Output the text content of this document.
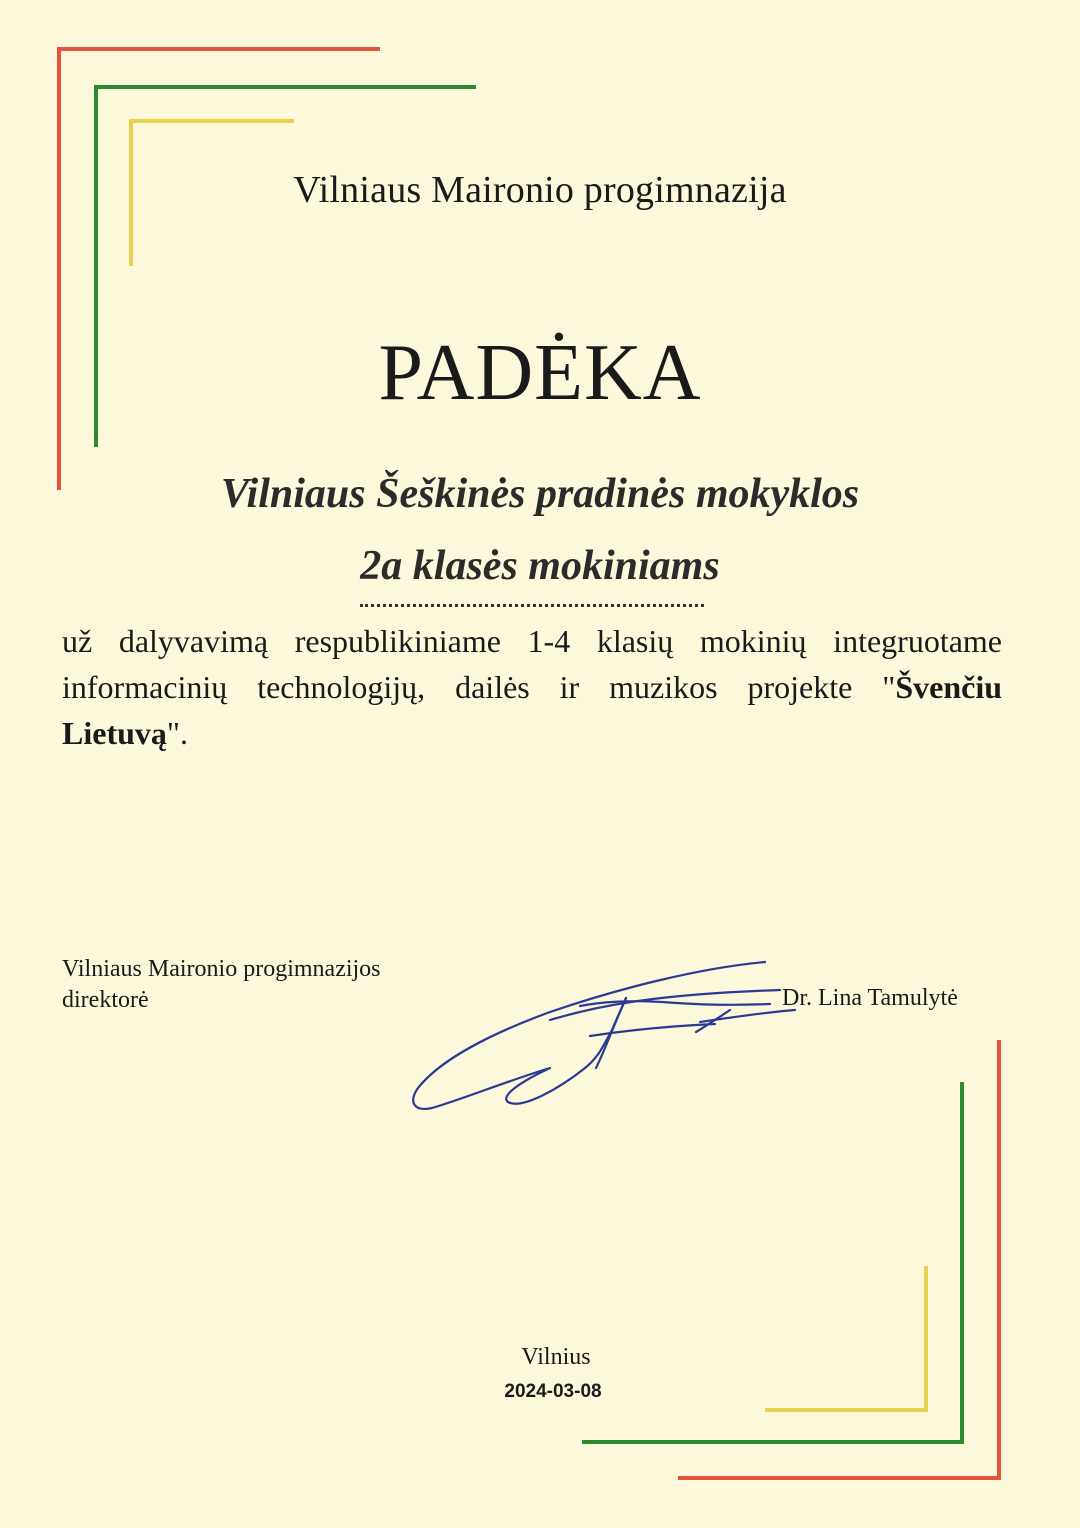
Vilniaus Maironio progimnazija
PADĖKA
Vilniaus Šeškinės pradinės mokyklos
2a klasės mokiniams
už dalyvavimą respublikiniame 1-4 klasių mokinių integruotame informacinių technologijų, dailės ir muzikos projekte "Švenčiu Lietuvą".
Vilniaus Maironio progimnazijos
direktorė	Dr. Lina Tamulytė
Vilnius
2024-03-08
